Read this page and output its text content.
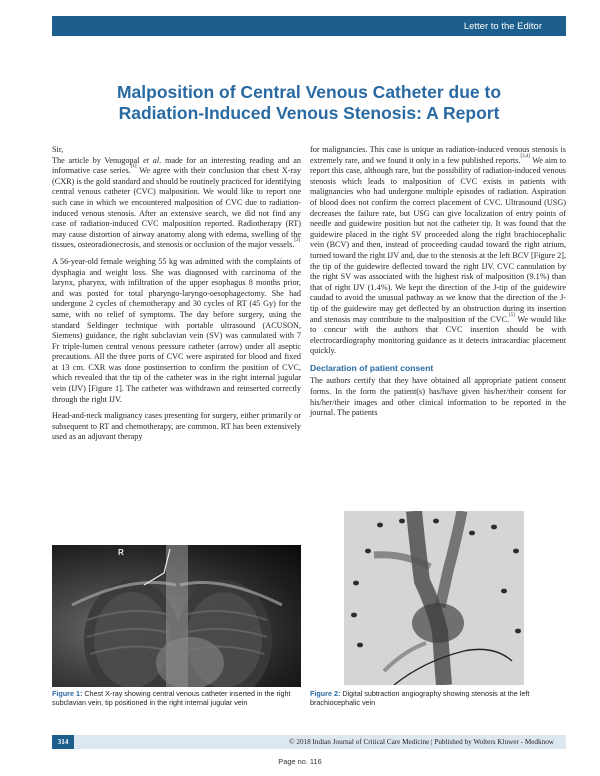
Letter to the Editor
Malposition of Central Venous Catheter due to
Radiation-Induced Venous Stenosis: A Report

Sir,

The article by Venugopal et al. made for an interesting reading and an informative case series.[1] We agree with their conclusion that chest X-ray (CXR) is the gold standard and should be routinely practiced for identifying central venous catheter (CVC) malposition. We would like to report one such case in which we encountered malposition of CVC due to radiation-induced venous stenosis. After an extensive search, we did not find any case of radiation-induced CVC malposition reported. Radiotherapy (RT) may cause distortion of airway anatomy along with edema, swelling of the tissues, osteoradionecrosis, and stenosis or occlusion of the major vessels.[2]

A 56-year-old female weighing 55 kg was admitted with the complaints of dysphagia and weight loss. She was diagnosed with carcinoma of the larynx, pharynx, with infiltration of the upper esophagus 8 months prior, and was posted for total pharyngo-laryngo-oesophagectomy. She had undergone 2 cycles of chemotherapy and 30 cycles of RT (45 Gy) for the same, with no relief of symptoms. The day before surgery, using the standard Seldinger technique with portable ultrasound (ACUSON, Siemens) guidance, the right subclavian vein (SV) was cannulated with 7 Fr triple-lumen central venous pressure catheter (arrow) under all aseptic precautions. All the three ports of CVC were aspirated for blood and fixed at 13 cm. CXR was done postinsertion to confirm the position of CVC, which revealed that the tip of the catheter was in the right internal jugular vein (IJV) [Figure 1]. The catheter was withdrawn and reinserted correctly through the right IJV.

Head-and-neck malignancy cases presenting for surgery, either primarily or subsequent to RT and chemotherapy, are common. RT has been extensively used as an adjuvant therapy

for malignancies. This case is unique as radiation-induced venous stenosis is extremely rare, and we found it only in a few published reports.[3,4] We aim to report this case, although rare, but the possibility of radiation-induced venous stenosis which leads to malposition of CVC exists in patients with malignancies who had undergone multiple episodes of radiation. Aspiration of blood does not confirm the correct placement of CVC. Ultrasound (USG) decreases the failure rate, but USG can give localization of entry points of needle and guidewire position but not the catheter tip. It was found that the guidewire placed in the right SV proceeded along the right brachiocephalic vein (BCV) and then, instead of proceeding caudad toward the right atrium, turned toward the right IJV and, due to the stenosis at the left BCV [Figure 2], the tip of the guidewire deflected toward the right IJV. CVC cannulation by the right SV was associated with the highest risk of malposition (9.1%) than that of right IJV (1.4%). We kept the direction of the J-tip of the guidewire caudad to avoid the unusual pathway as we know that the direction of the J-tip of the guidewire may get deflected by an obstruction during its insertion and stenosis may contribute to the malposition of the CVC.[5] We would like to concur with the authors that CVC insertion should be with electrocardiography monitoring guidance as it detects intracardiac placement quickly.

Declaration of patient consent

The authors certify that they have obtained all appropriate patient consent forms. In the form the patient(s) has/have given his/her/their consent for his/her/their images and other clinical information to be reported in the journal. The patients

R
Figure 1: Chest X-ray showing central venous catheter inserted in the right subclavian vein, tip positioned in the right internal jugular vein
Figure 2: Digital subtraction angiography showing stenosis at the left brachiocephalic vein
314	© 2018 Indian Journal of Critical Care Medicine | Published by Wolters Kluwer - Medknow
Page no. 116
